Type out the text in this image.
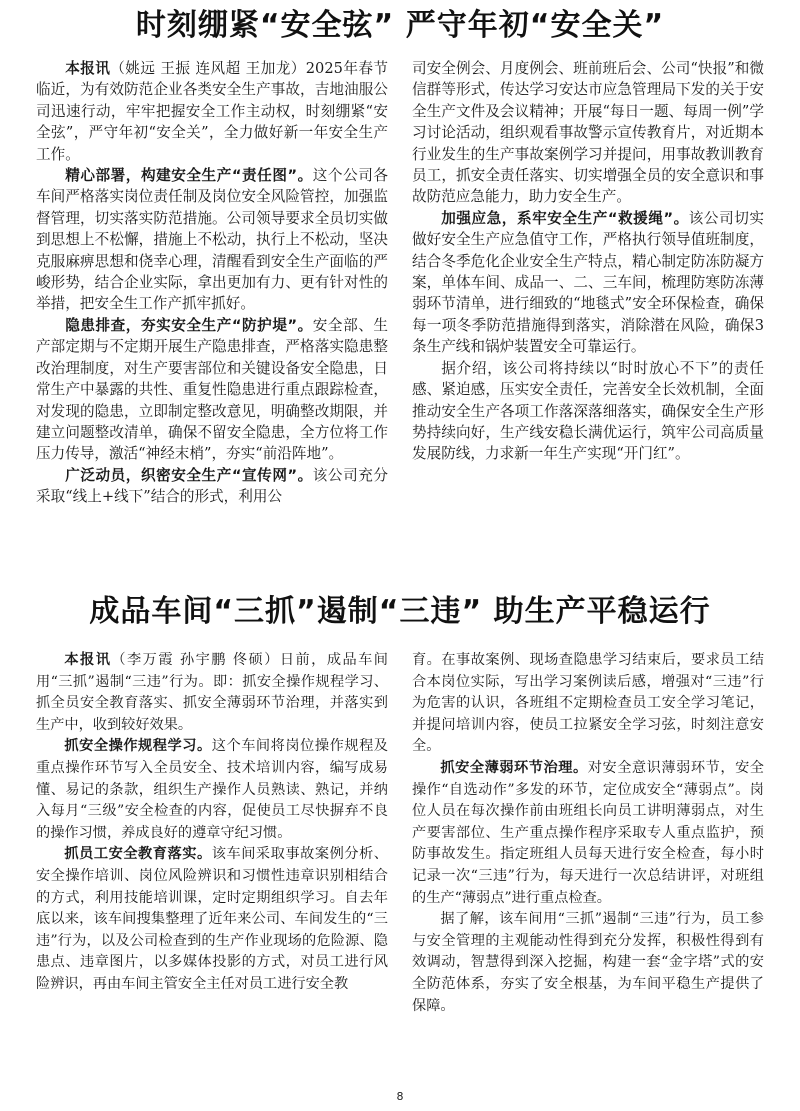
时刻绷紧“安全弦” 严守年初“安全关”

本报讯（姚远 王振 连风超 王加龙）2025年春节临近，为有效防范企业各类安全生产事故，吉地油服公司迅速行动，牢牢把握安全工作主动权，时刻绷紧“安全弦”，严守年初“安全关”，全力做好新一年安全生产工作。

精心部署，构建安全生产“责任图”。这个公司各车间严格落实岗位责任制及岗位安全风险管控，加强监督管理，切实落实防范措施。公司领导要求全员切实做到思想上不松懈，措施上不松动，执行上不松动，坚决克服麻痹思想和侥幸心理，清醒看到安全生产面临的严峻形势，结合企业实际，拿出更加有力、更有针对性的举措，把安全生工作产抓牢抓好。

隐患排查，夯实安全生产“防护堤”。安全部、生产部定期与不定期开展生产隐患排查，严格落实隐患整改治理制度，对生产要害部位和关键设备安全隐患，日常生产中暴露的共性、重复性隐患进行重点跟踪检查，对发现的隐患，立即制定整改意见，明确整改期限，并建立问题整改清单，确保不留安全隐患，全方位将工作压力传导，激活“神经末梢”，夯实“前沿阵地”。

广泛动员，织密安全生产“宣传网”。该公司充分采取“线上+线下”结合的形式，利用公

司安全例会、月度例会、班前班后会、公司“快报”和微信群等形式，传达学习安达市应急管理局下发的关于安全生产文件及会议精神；开展“每日一题、每周一例”学习讨论活动，组织观看事故警示宣传教育片，对近期本行业发生的生产事故案例学习并提问，用事故教训教育员工，抓安全责任落实、切实增强全员的安全意识和事故防范应急能力，助力安全生产。

加强应急，系牢安全生产“救援绳”。该公司切实做好安全生产应急值守工作，严格执行领导值班制度，结合冬季危化企业安全生产特点，精心制定防冻防凝方案，单体车间、成品一、二、三车间，梳理防寒防冻薄弱环节清单，进行细致的“地毯式”安全环保检查，确保每一项冬季防范措施得到落实，消除潜在风险，确保3条生产线和锅炉装置安全可靠运行。

据介绍，该公司将持续以“时时放心不下”的责任感、紧迫感，压实安全责任，完善安全长效机制，全面推动安全生产各项工作落深落细落实，确保安全生产形势持续向好，生产线安稳长满优运行，筑牢公司高质量发展防线，力求新一年生产实现“开门红”。

成品车间“三抓”遏制“三违” 助生产平稳运行

本报讯（李万霞 孙宇鹏 佟硕）日前，成品车间用“三抓”遏制“三违”行为。即：抓安全操作规程学习、抓全员安全教育落实、抓安全薄弱环节治理，并落实到生产中，收到较好效果。

抓安全操作规程学习。这个车间将岗位操作规程及重点操作环节写入全员安全、技术培训内容，编写成易懂、易记的条款，组织生产操作人员熟读、熟记，并纳入每月“三级”安全检查的内容，促使员工尽快摒弃不良的操作习惯，养成良好的遵章守纪习惯。

抓员工安全教育落实。该车间采取事故案例分析、安全操作培训、岗位风险辨识和习惯性违章识别相结合的方式，利用技能培训课，定时定期组织学习。自去年底以来，该车间搜集整理了近年来公司、车间发生的“三违”行为，以及公司检查到的生产作业现场的危险源、隐患点、违章图片，以多媒体投影的方式，对员工进行风险辨识，再由车间主管安全主任对员工进行安全教

育。在事故案例、现场查隐患学习结束后，要求员工结合本岗位实际，写出学习案例读后感，增强对“三违”行为危害的认识，各班组不定期检查员工安全学习笔记，并提问培训内容，使员工拉紧安全学习弦，时刻注意安全。

抓安全薄弱环节治理。对安全意识薄弱环节，安全操作“自选动作”多发的环节，定位成安全“薄弱点”。岗位人员在每次操作前由班组长向员工讲明薄弱点，对生产要害部位、生产重点操作程序采取专人重点监护，预防事故发生。指定班组人员每天进行安全检查，每小时记录一次“三违”行为，每天进行一次总结讲评，对班组的生产“薄弱点”进行重点检查。

据了解，该车间用“三抓”遏制“三违”行为，员工参与安全管理的主观能动性得到充分发挥，积极性得到有效调动，智慧得到深入挖掘，构建一套“金字塔”式的安全防范体系，夯实了安全根基，为车间平稳生产提供了保障。

8
